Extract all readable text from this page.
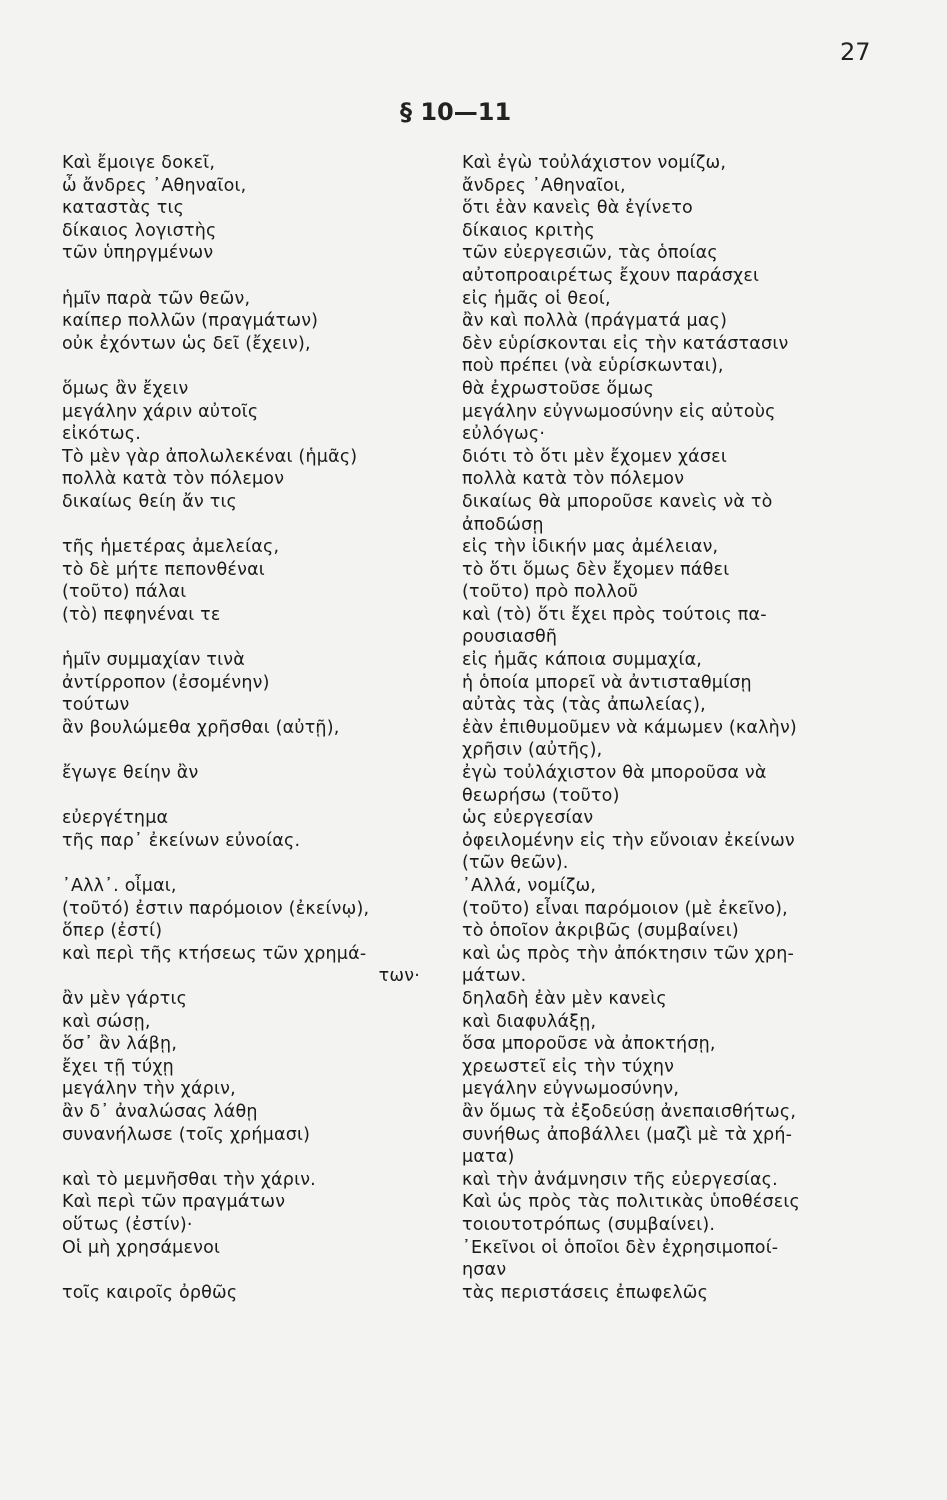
27
§ 10—11
Καὶ ἔμοιγε δοκεῖ,
ὦ ἄνδρες ᾿Αθηναῖοι,
καταστὰς τις
δίκαιος λογιστὴς
τῶν ὑπηργμένων
ἡμῖν παρὰ τῶν θεῶν,
καίπερ πολλῶν (πραγμάτων)
οὐκ ἐχόντων ὡς δεῖ (ἔχειν),
ὅμως ἂν ἔχειν
μεγάλην χάριν αὐτοῖς
εἰκότως.
Τὸ μὲν γὰρ ἀπολωλεκέναι (ἡμᾶς)
πολλὰ κατὰ τὸν πόλεμον
δικαίως θείη ἄν τις
τῆς ἡμετέρας ἀμελείας,
τὸ δὲ μήτε πεπονθέναι
(τοῦτο) πάλαι
(τὸ) πεφηνέναι τε
ἡμῖν συμμαχίαν τινὰ
ἀντίρροπον (ἐσομένην)
τούτων
ἂν βουλώμεθα χρῆσθαι (αὐτῇ),
ἔγωγε θείην ἂν
εὐεργέτημα
τῆς παρ᾿ ἐκείνων εὐνοίας.
᾿Αλλ᾿. οἶμαι,
(τοῦτό) ἐστιν παρόμοιον (ἐκείνῳ),
ὅπερ (ἐστί)
καὶ περὶ τῆς κτήσεως τῶν χρημά-
των·
ἂν μὲν γάρτις
καὶ σώσῃ,
ὅσ᾿ ἂν λάβῃ,
ἔχει τῇ τύχῃ
μεγάλην τὴν χάριν,
ἂν δ᾿ ἀναλώσας λάθῃ
συνανήλωσε (τοῖς χρήμασι)
καὶ τὸ μεμνῆσθαι τὴν χάριν.
Καὶ περὶ τῶν πραγμάτων
οὕτως (ἐστίν)·
Οἱ μὴ χρησάμενοι
τοῖς καιροῖς ὀρθῶς
Καὶ ἐγὼ τοὐλάχιστον νομίζω,
ἄνδρες ᾿Αθηναῖοι,
ὅτι ἐὰν κανεὶς θὰ ἐγίνετο
δίκαιος κριτὴς
τῶν εὐεργεσιῶν, τὰς ὁποίας
αὐτοπροαιρέτως ἔχουν παράσχει
εἰς ἡμᾶς οἱ θεοί,
ἂν καὶ πολλὰ (πράγματά μας)
δὲν εὑρίσκονται εἰς τὴν κατάστασιν
ποὺ πρέπει (νὰ εὑρίσκωνται),
θὰ ἐχρωστοῦσε ὅμως
μεγάλην εὐγνωμοσύνην εἰς αὐτοὺς
εὐλόγως·
διότι τὸ ὅτι μὲν ἔχομεν χάσει
πολλὰ κατὰ τὸν πόλεμον
δικαίως θὰ μποροῦσε κανεὶς νὰ τὸ
ἀποδώσῃ
εἰς τὴν ἰδικήν μας ἀμέλειαν,
τὸ ὅτι ὅμως δὲν ἔχομεν πάθει
(τοῦτο) πρὸ πολλοῦ
καὶ (τὸ) ὅτι ἔχει πρὸς τούτοις πα-
ρουσιασθῆ
εἰς ἡμᾶς κάποια συμμαχία,
ἡ ὁποία μπορεῖ νὰ ἀντισταθμίσῃ
αὐτὰς τὰς (τὰς ἀπωλείας),
ἐὰν ἐπιθυμοῦμεν νὰ κάμωμεν (καλὴν)
χρῆσιν (αὐτῆς),
ἐγὼ τοὐλάχιστον θὰ μποροῦσα νὰ
θεωρήσω (τοῦτο)
ὡς εὐεργεσίαν
ὀφειλομένην εἰς τὴν εὔνοιαν ἐκείνων
(τῶν θεῶν).
᾿Αλλά, νομίζω,
(τοῦτο) εἶναι παρόμοιον (μὲ ἐκεῖνο),
τὸ ὁποῖον ἀκριβῶς (συμβαίνει)
καὶ ὡς πρὸς τὴν ἀπόκτησιν τῶν χρη-
μάτων.
δηλαδὴ ἐὰν μὲν κανεὶς
καὶ διαφυλάξῃ,
ὅσα μποροῦσε νὰ ἀποκτήσῃ,
χρεωστεῖ εἰς τὴν τύχην
μεγάλην εὐγνωμοσύνην,
ἂν ὅμως τὰ ἐξοδεύσῃ ἀνεπαισθήτως,
συνήθως ἀποβάλλει (μαζὶ μὲ τὰ χρή-
ματα)
καὶ τὴν ἀνάμνησιν τῆς εὐεργεσίας.
Καὶ ὡς πρὸς τὰς πολιτικὰς ὑποθέσεις
τοιουτοτρόπως (συμβαίνει).
᾿Εκεῖνοι οἱ ὁποῖοι δὲν ἐχρησιμοποί-
ησαν
τὰς περιστάσεις ἐπωφελῶς
